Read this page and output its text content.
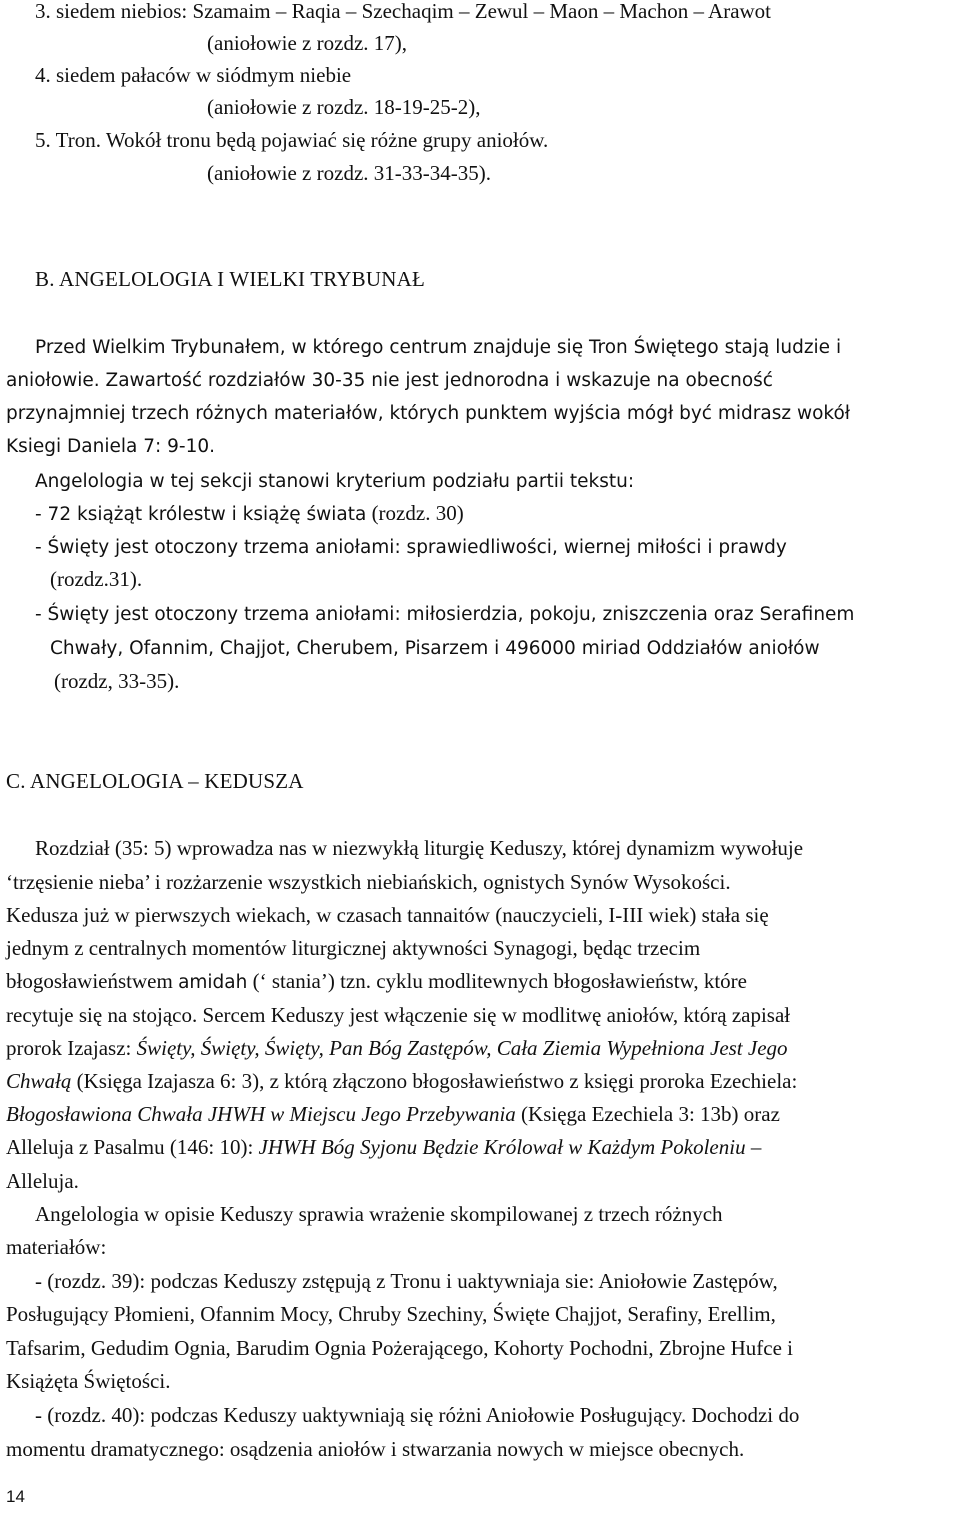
3. siedem niebios: Szamaim – Raqia – Szechaqim – Zewul – Maon – Machon – Arawot
(aniołowie z rozdz. 17),
4. siedem pałaców w siódmym niebie
(aniołowie z rozdz. 18-19-25-2),
5. Tron. Wokół tronu będą pojawiać się różne grupy aniołów.
(aniołowie z rozdz. 31-33-34-35).
B. ANGELOLOGIA I WIELKI TRYBUNAŁ
Przed Wielkim Trybunałem, w którego centrum znajduje się Tron Świętego stają ludzie i
aniołowie. Zawartość rozdziałów 30-35 nie jest jednorodna i wskazuje na obecność
przynajmniej trzech różnych materiałów, których punktem wyjścia mógł być midrasz wokół
Ksiegi Daniela 7: 9-10.
Angelologia w tej sekcji stanowi kryterium podziału partii tekstu:
- 72 książąt królestw i książę świata (rozdz. 30)
- Święty jest otoczony trzema aniołami: sprawiedliwości, wiernej miłości i prawdy
(rozdz.31).
- Święty jest otoczony trzema aniołami: miłosierdzia, pokoju, zniszczenia oraz Serafinem
Chwały, Ofannim, Chajjot, Cherubem, Pisarzem i 496000 miriad Oddziałów aniołów
(rozdz, 33-35).
C. ANGELOLOGIA – KEDUSZA
Rozdział (35: 5) wprowadza nas w niezwykłą liturgię Keduszy, której dynamizm wywołuje
‘trzęsienie nieba’ i rozżarzenie wszystkich niebiańskich, ognistych Synów Wysokości.
Kedusza już w pierwszych wiekach, w czasach tannaitów (nauczycieli, I-III wiek) stała się
jednym z centralnych momentów liturgicznej aktywności Synagogi, będąc trzecim
błogosławieństwem amidah (‘ stania’) tzn. cyklu modlitewnych błogosławieństw, które
recytuje się na stojąco. Sercem Keduszy jest włączenie się w modlitwę aniołów, którą zapisał
prorok Izajasz: Święty, Święty, Święty, Pan Bóg Zastępów, Cała Ziemia Wypełniona Jest Jego
Chwałą (Księga Izajasza 6: 3), z którą złączono błogosławieństwo z księgi proroka Ezechiela:
Błogosławiona Chwała JHWH w Miejscu Jego Przebywania (Księga Ezechiela 3: 13b) oraz
Alleluja z Pasalmu (146: 10): JHWH Bóg Syjonu Będzie Królował w Każdym Pokoleniu –
Alleluja.
Angelologia w opisie Keduszy sprawia wrażenie skompilowanej z trzech różnych
materiałów:
- (rozdz. 39): podczas Keduszy zstępują z Tronu i uaktywniaja sie: Aniołowie Zastępów,
Posługujący Płomieni, Ofannim Mocy, Chruby Szechiny, Święte Chajjot, Serafiny, Erellim,
Tafsarim, Gedudim Ognia, Barudim Ognia Pożerającego, Kohorty Pochodni, Zbrojne Hufce i
Książęta Świętości.
- (rozdz. 40): podczas Keduszy uaktywniają się różni Aniołowie Posługujący. Dochodzi do
momentu dramatycznego: osądzenia aniołów i stwarzania nowych w miejsce obecnych.
14
